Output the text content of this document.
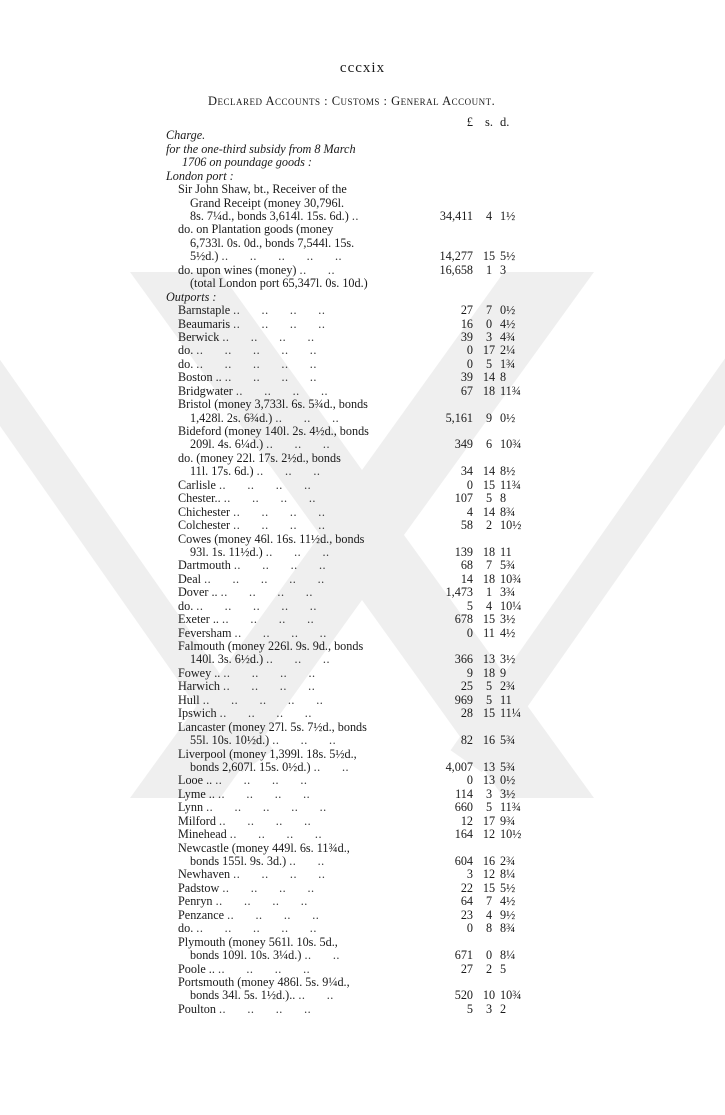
cccxix
Declared Accounts : Customs : General Account.
£ s. d.
Charge.
for the one-third subsidy from 8 March
1706 on poundage goods :
London port :
Sir John Shaw, bt., Receiver of the
Grand Receipt (money 30,796l.
8s. 7¼d., bonds 3,614l. 15s. 6d.) ..	34,411	4 1½
do. on Plantation goods (money
6,733l. 0s. 0d., bonds 7,544l. 15s.
5½d.) ..      ..      ..      ..      ..	14,277 15 5½
do. upon wines (money) ..      ..	16,658	1 3
(total London port 65,347l. 0s. 10d.)
Outports :
Barnstaple ..      ..      ..      ..	27	7 0½
Beaumaris ..      ..      ..      ..	16	0 4½
Berwick ..      ..      ..      ..	39	3 4¾
do. ..      ..      ..      ..      ..	0 17 2¼
do. ..      ..      ..      ..      ..	0	5 1¾
Boston .. ..      ..      ..      ..	39 14 8
Bridgwater ..      ..      ..      ..	67 18 11¾
Bristol (money 3,733l. 6s. 5¾d., bonds
1,428l. 2s. 6¾d.) ..      ..      ..	5,161	9 0½
Bideford (money 140l. 2s. 4½d., bonds
209l. 4s. 6¼d.) ..      ..      ..	349	6 10¾
do. (money 22l. 17s. 2½d., bonds
11l. 17s. 6d.) ..      ..      ..	34 14 8½
Carlisle ..      ..      ..      ..	0 15 11¾
Chester.. ..      ..      ..      ..	107	5 8
Chichester ..      ..      ..      ..	4 14 8¾
Colchester ..      ..      ..      ..	58	2 10½
Cowes (money 46l. 16s. 11½d., bonds
93l. 1s. 11½d.) ..      ..      ..	139 18 11
Dartmouth ..      ..      ..      ..	68	7 5¾
Deal ..      ..      ..      ..      ..	14 18 10¾
Dover .. ..      ..      ..      ..	1,473	1 3¾
do. ..      ..      ..      ..      ..	5	4 10¼
Exeter .. ..      ..      ..      ..	678 15 3½
Feversham ..      ..      ..      ..	0 11 4½
Falmouth (money 226l. 9s. 9d., bonds
140l. 3s. 6½d.) ..      ..      ..	366 13 3½
Fowey .. ..      ..      ..      ..	9 18 9
Harwich ..      ..      ..      ..	25	5 2¾
Hull ..      ..      ..      ..      ..	969	5 11
Ipswich ..      ..      ..      ..	28 15 11¼
Lancaster (money 27l. 5s. 7½d., bonds
55l. 10s. 10½d.) ..      ..      ..	82 16 5¾
Liverpool (money 1,399l. 18s. 5½d.,
bonds 2,607l. 15s. 0½d.) ..      ..	4,007 13 5¾
Looe .. ..      ..      ..      ..	0 13 0½
Lyme .. ..      ..      ..      ..	114	3 3½
Lynn ..      ..      ..      ..      ..	660	5 11¾
Milford ..      ..      ..      ..	12 17 9¾
Minehead ..      ..      ..      ..	164 12 10½
Newcastle (money 449l. 6s. 11¾d.,
bonds 155l. 9s. 3d.) ..      ..	604 16 2¾
Newhaven ..      ..      ..      ..	3 12 8¼
Padstow ..      ..      ..      ..	22 15 5½
Penryn ..      ..      ..      ..	64	7 4½
Penzance ..      ..      ..      ..	23	4 9½
do. ..      ..      ..      ..      ..	0	8 8¾
Plymouth (money 561l. 10s. 5d.,
bonds 109l. 10s. 3¼d.) ..      ..	671	0 8¼
Poole .. ..      ..      ..      ..	27	2 5
Portsmouth (money 486l. 5s. 9¼d.,
bonds 34l. 5s. 1½d.).. ..      ..	520 10 10¾
Poulton ..      ..      ..      ..	5	3 2
